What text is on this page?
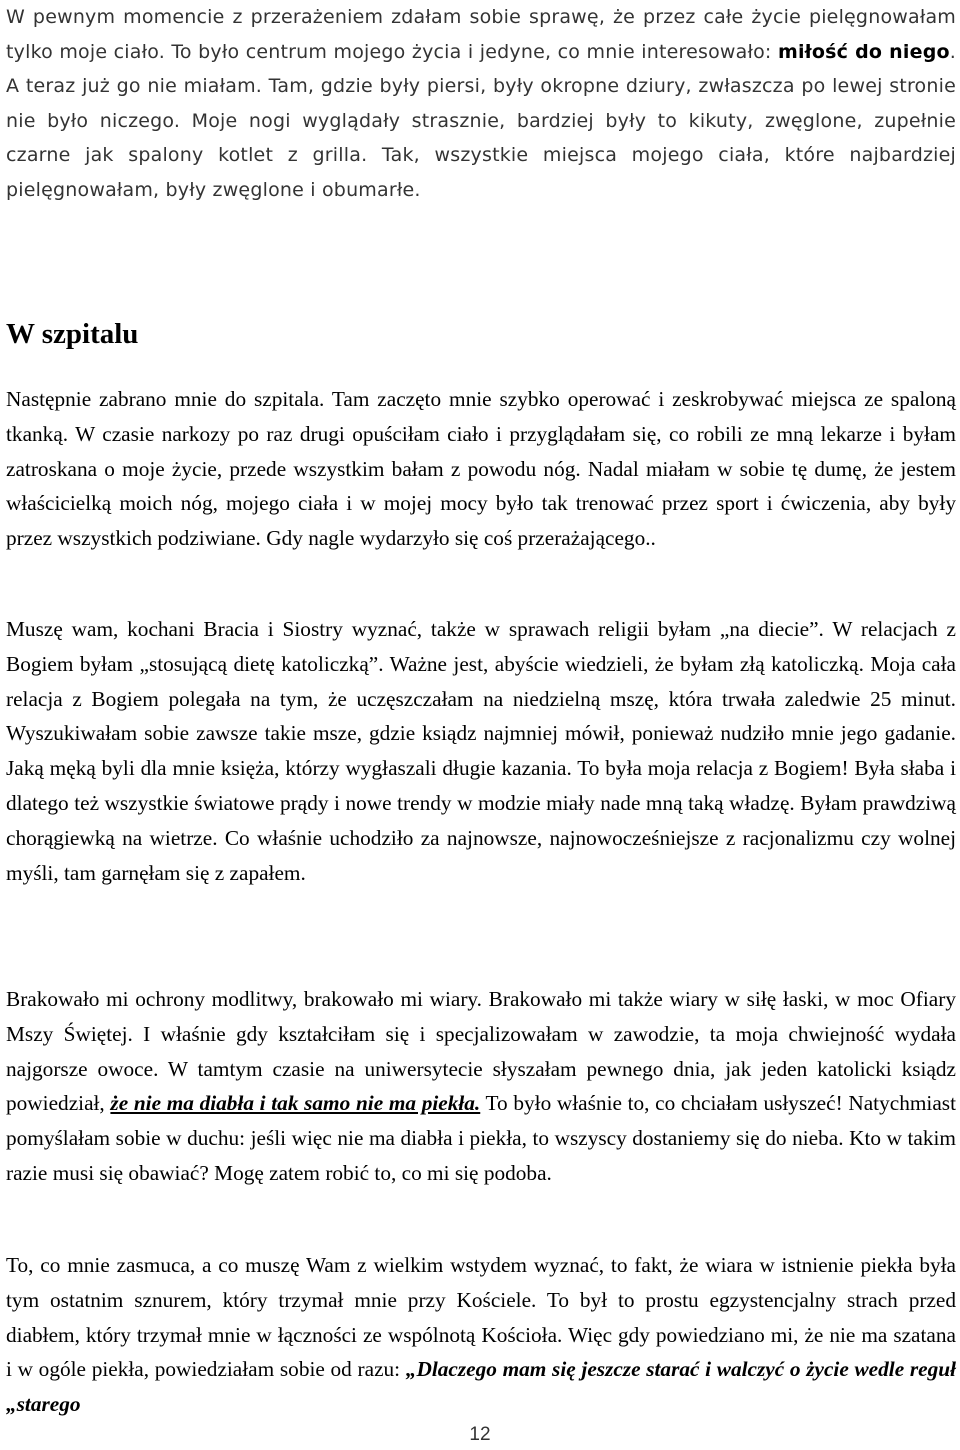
W pewnym momencie z przerażeniem zdałam sobie sprawę, że przez całe życie pielęgnowałam tylko moje ciało. To było centrum mojego życia i jedyne, co mnie interesowało: miłość do niego. A teraz już go nie miałam. Tam, gdzie były piersi, były okropne dziury, zwłaszcza po lewej stronie nie było niczego. Moje nogi wyglądały strasznie, bardziej były to kikuty, zwęglone, zupełnie czarne jak spalony kotlet z grilla. Tak, wszystkie miejsca mojego ciała, które najbardziej pielęgnowałam, były zwęglone i obumarłe.

W szpitalu

Następnie zabrano mnie do szpitala. Tam zaczęto mnie szybko operować i zeskrobywać miejsca ze spaloną tkanką. W czasie narkozy po raz drugi opuściłam ciało i przyglądałam się, co robili ze mną lekarze i byłam zatroskana o moje życie, przede wszystkim bałam z powodu nóg. Nadal miałam w sobie tę dumę, że jestem właścicielką moich nóg, mojego ciała i w mojej mocy było tak trenować przez sport i ćwiczenia, aby były przez wszystkich podziwiane. Gdy nagle wydarzyło się coś przerażającego..

Muszę wam, kochani Bracia i Siostry wyznać, także w sprawach religii byłam „na diecie”. W relacjach z Bogiem byłam „stosującą dietę katoliczką”. Ważne jest, abyście wiedzieli, że byłam złą katoliczką. Moja cała relacja z Bogiem polegała na tym, że uczęszczałam na niedzielną mszę, która trwała zaledwie 25 minut. Wyszukiwałam sobie zawsze takie msze, gdzie ksiądz najmniej mówił, ponieważ nudziło mnie jego gadanie. Jaką męką byli dla mnie księża, którzy wygłaszali długie kazania. To była moja relacja z Bogiem! Była słaba i dlatego też wszystkie światowe prądy i nowe trendy w modzie miały nade mną taką władzę. Byłam prawdziwą chorągiewką na wietrze. Co właśnie uchodziło za najnowsze, najnowocześniejsze z racjonalizmu czy wolnej myśli, tam garnęłam się z zapałem.

Brakowało mi ochrony modlitwy, brakowało mi wiary. Brakowało mi także wiary w siłę łaski, w moc Ofiary Mszy Świętej. I właśnie gdy kształciłam się i specjalizowałam w zawodzie, ta moja chwiejność wydała najgorsze owoce. W tamtym czasie na uniwersytecie słyszałam pewnego dnia, jak jeden katolicki ksiądz powiedział, że nie ma diabła i tak samo nie ma piekła. To było właśnie to, co chciałam usłyszeć! Natychmiast pomyślałam sobie w duchu: jeśli więc nie ma diabła i piekła, to wszyscy dostaniemy się do nieba. Kto w takim razie musi się obawiać? Mogę zatem robić to, co mi się podoba.

To, co mnie zasmuca, a co muszę Wam z wielkim wstydem wyznać, to fakt, że wiara w istnienie piekła była tym ostatnim sznurem, który trzymał mnie przy Kościele. To był to prostu egzystencjalny strach przed diabłem, który trzymał mnie w łączności ze wspólnotą Kościoła. Więc gdy powiedziano mi, że nie ma szatana i w ogóle piekła, powiedziałam sobie od razu: „Dlaczego mam się jeszcze starać i walczyć o życie wedle reguł „starego

12
